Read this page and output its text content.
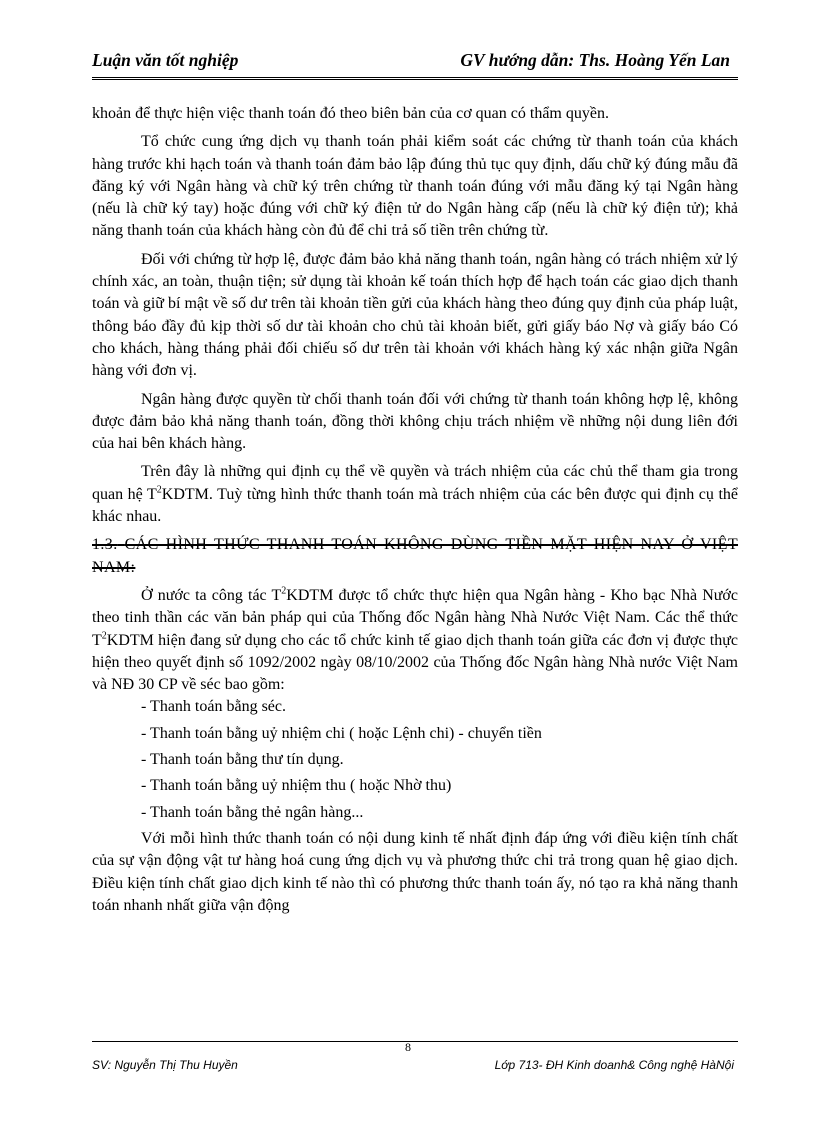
Luận văn tốt nghiệp	GV hướng dẫn: Ths. Hoàng Yến Lan

khoản để thực hiện việc thanh toán đó theo biên bản của cơ quan có thẩm quyền.

Tổ chức cung ứng dịch vụ thanh toán phải kiểm soát các chứng từ thanh toán của khách hàng trước khi hạch toán và thanh toán đảm bảo lập đúng thủ tục quy định, dấu chữ ký đúng mẫu đã đăng ký với Ngân hàng và chữ ký trên chứng từ thanh toán đúng với mẫu đăng ký tại Ngân hàng (nếu là chữ ký tay) hoặc đúng với chữ ký điện tử do Ngân hàng cấp (nếu là chữ ký điện tử); khả năng thanh toán của khách hàng còn đủ để chi trả số tiền trên chứng từ.

Đối với chứng từ hợp lệ, được đảm bảo khả năng thanh toán, ngân hàng có trách nhiệm xử lý chính xác, an toàn, thuận tiện; sử dụng tài khoản kế toán thích hợp để hạch toán các giao dịch thanh toán và giữ bí mật về số dư trên tài khoản tiền gửi của khách hàng theo đúng quy định của pháp luật, thông báo đầy đủ kịp thời số dư tài khoản cho chủ tài khoản biết, gửi giấy báo Nợ và giấy báo Có cho khách, hàng tháng phải đối chiếu số dư trên tài khoản với khách hàng ký xác nhận giữa Ngân hàng với đơn vị.

Ngân hàng được quyền từ chối thanh toán đối với chứng từ thanh toán không hợp lệ, không được đảm bảo khả năng thanh toán, đồng thời không chịu trách nhiệm về những nội dung liên đới của hai bên khách hàng.

Trên đây là những qui định cụ thể về quyền và trách nhiệm của các chủ thể tham gia trong quan hệ $T^2KDTM$. Tuỳ từng hình thức thanh toán mà trách nhiệm của các bên được qui định cụ thể khác nhau.

1.3. CÁC HÌNH THỨC THANH TOÁN KHÔNG DÙNG TIỀN MẶT HIỆN NAY Ở VIỆT NAM:

Ở nước ta công tác $T^2KDTM$ được tổ chức thực hiện qua Ngân hàng - Kho bạc Nhà Nước theo tinh thần các văn bản pháp qui của Thống đốc Ngân hàng Nhà Nước Việt Nam. Các thể thức $T^2KDTM$ hiện đang sử dụng cho các tổ chức kinh tế giao dịch thanh toán giữa các đơn vị được thực hiện theo quyết định số 1092/2002 ngày 08/10/2002 của Thống đốc Ngân hàng Nhà nước Việt Nam và NĐ 30 CP về séc bao gồm:

- Thanh toán bằng séc.

- Thanh toán bằng uỷ nhiệm chi ( hoặc Lệnh chi) - chuyển tiền

- Thanh toán bằng thư tín dụng.

- Thanh toán bằng uỷ nhiệm thu ( hoặc Nhờ thu)

- Thanh toán bằng thẻ ngân hàng...

Với mỗi hình thức thanh toán có nội dung kinh tế nhất định đáp ứng với điều kiện tính chất của sự vận động vật tư hàng hoá cung ứng dịch vụ và phương thức chi trả trong quan hệ giao dịch. Điều kiện tính chất giao dịch kinh tế nào thì có phương thức thanh toán ấy, nó tạo ra khả năng thanh toán nhanh nhất giữa vận động

8
SV: Nguyễn Thị Thu Huyền	Lớp 713- ĐH Kinh doanh& Công nghệ HàNội
